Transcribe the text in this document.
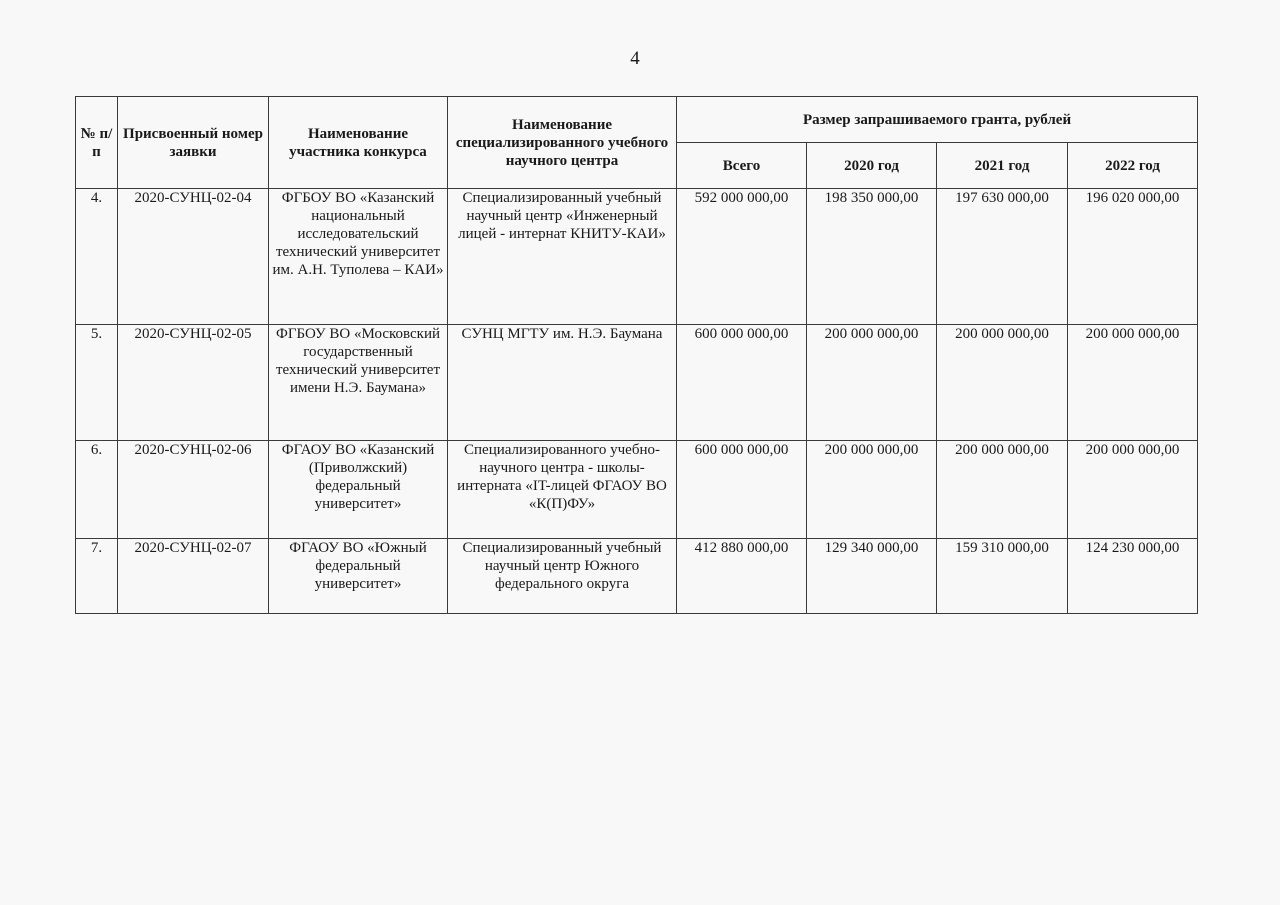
4
№ п/п	Присвоенный номер заявки	Наименование участника конкурса	Наименование специализированного учебного научного центра	Размер запрашиваемого гранта, рублей			
				Всего	2020 год	2021 год	2022 год
4.	2020-СУНЦ-02-04	ФГБОУ ВО «Казанский национальный исследовательский технический университет им. А.Н. Туполева – КАИ»	Специализированный учебный научный центр «Инженерный лицей - интернат КНИТУ-КАИ»	592 000 000,00	198 350 000,00	197 630 000,00	196 020 000,00
5.	2020-СУНЦ-02-05	ФГБОУ ВО «Московский государственный технический университет имени Н.Э. Баумана»	СУНЦ МГТУ им. Н.Э. Баумана	600 000 000,00	200 000 000,00	200 000 000,00	200 000 000,00
6.	2020-СУНЦ-02-06	ФГАОУ ВО «Казанский (Приволжский) федеральный университет»	Специализированного учебно-научного центра - школы-интерната «IT-лицей ФГАОУ ВО «К(П)ФУ»	600 000 000,00	200 000 000,00	200 000 000,00	200 000 000,00
7.	2020-СУНЦ-02-07	ФГАОУ ВО «Южный федеральный университет»	Специализированный учебный научный центр Южного федерального округа	412 880 000,00	129 340 000,00	159 310 000,00	124 230 000,00
